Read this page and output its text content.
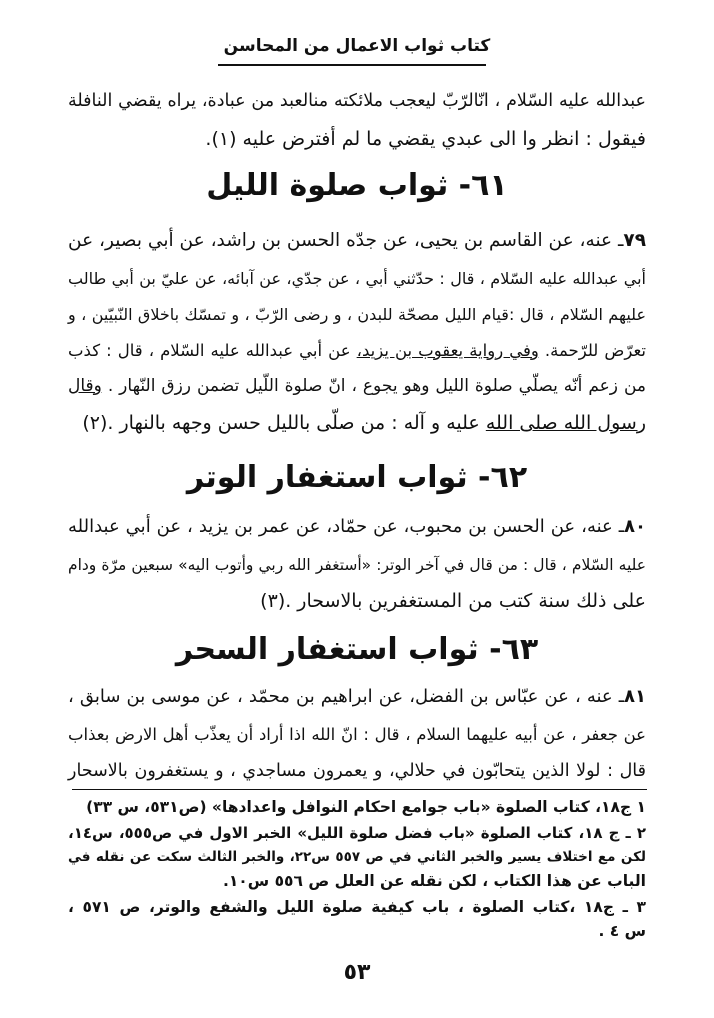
كتاب ثواب الاعمال من المحاسن
عبدالله عليه السّلام ، انّالرّبّ ليعجب ملائكته منالعبد من عبادة، يراه يقضي النافلة
فيقول : انظر وا الى عبدي يقضي ما لم أفترض عليه (١).
٦١- ثواب صلوة الليل
٧٩ـ عنه، عن القاسم بن يحيى، عن جدّه الحسن بن راشد، عن أبي بصير، عن
أبي عبدالله عليه السّلام ، قال : حدّثني أبي ، عن جدّي، عن آبائه، عن عليّ بن أبي طالب
عليهم السّلام ، قال :قيام الليل مصحّة للبدن ، و رضى الرّبّ ، و تمسّك باخلاق النّبيّين ، و
تعرّض للرّحمة. وفي رواية يعقوب بن يزيد، عن أبي عبدالله عليه السّلام ، قال : كذب
من زعم أنّه يصلّي صلوة الليل وهو يجوع ، انّ صلوة اللّيل تضمن رزق النّهار . وقال
رسول الله صلى الله عليه و آله : من صلّى بالليل حسن وجهه بالنهار .(٢)
٦٢- ثواب استغفار الوتر
٨٠ـ عنه، عن الحسن بن محبوب، عن حمّاد، عن عمر بن يزيد ، عن أبي عبدالله
عليه السّلام ، قال : من قال في آخر الوتر: «أستغفر الله ربي وأتوب اليه» سبعين مرّة ودام
على ذلك سنة كتب من المستغفرين بالاسحار .(٣)
٦٣- ثواب استغفار السحر
٨١ـ عنه ، عن عبّاس بن الفضل، عن ابراهيم بن محمّد ، عن موسى بن سابق ،
عن جعفر ، عن أبيه عليهما السلام ، قال : انّ الله اذا أراد أن يعذّب أهل الارض بعذاب
قال : لولا الذين يتحابّون في حلالي، و يعمرون مساجدي ، و يستغفرون بالاسحار
١ ج١٨، كتاب الصلوة «باب جوامع احكام النوافل واعدادها» (ص٥٣١، س ٣٣)
٢ ـ ج ١٨، كتاب الصلوة «باب فضل صلوة الليل» الخبر الاول في ص٥٥٥، س١٤،
لكن مع اختلاف يسير والخبر الثاني في ص ٥٥٧ س٢٢، والخبر الثالث سكت عن نقله في
الباب عن هذا الكتاب ، لكن نقله عن العلل ص ٥٥٦ س١٠.
٣ ـ ج١٨ ،كتاب الصلوة ، باب كيفية صلوة الليل والشفع والوتر، ص ٥٧١ ،
س ٤ .
٥٣
